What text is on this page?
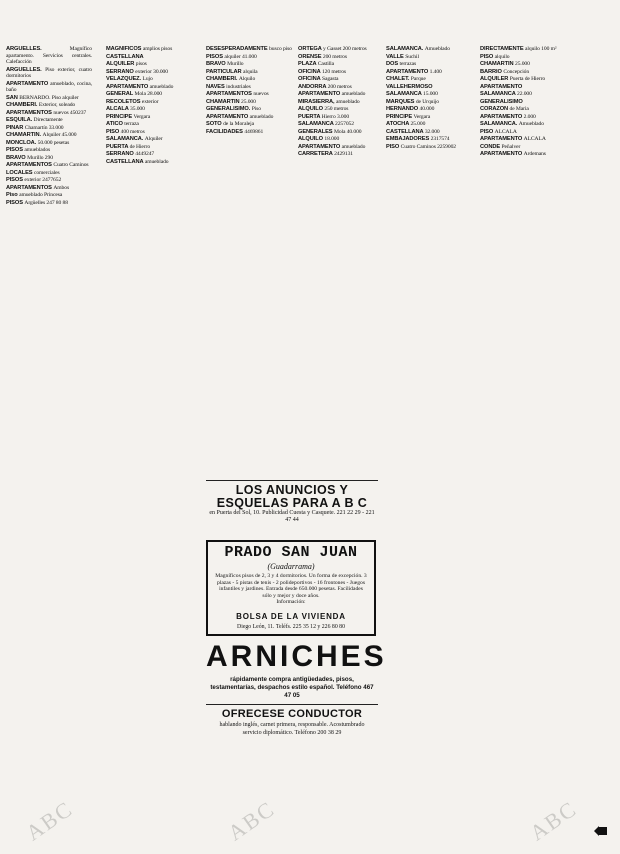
ARGUELLES. Magnífico apartamento. Servicios centrales. Calefacción

ARGUELLES. Piso exterior, cuatro dormitorios

APARTAMENTO amueblado, cocina, baño

SAN BERNARDO. Piso alquiler

CHAMBERI. Exterior, soleado

APARTAMENTOS nuevos 450237

ESQUILA. Directamente

PINAR Chamartín 33.000

CHAMARTIN. Alquiler 45.000

MONCLOA. 50.000 pesetas

PISOS amueblados

BRAVO Murillo 290

APARTAMENTOS Cuatro Caminos

LOCALES comerciales

PISOS exterior 2477652

APARTAMENTOS Ambos

Piso amueblado Princesa

PISOS Argüelles 247 80 88

MAGNIFICOS amplios pisos

CASTELLANA

ALQUILER pisos

SERRANO exterior 30.000

VELAZQUEZ. Lujo

APARTAMENTO amueblado

GENERAL Mola 28.000

RECOLETOS exterior

ALCALA 35.000

PRINCIPE Vergara

ATICO terraza

PISO 400 metros

SALAMANCA. Alquiler

PUERTA de Hierro

SERRANO 4449247

CASTELLANA amueblado

DESESPERADAMENTE busco piso

PISOS alquiler 41.000

BRAVO Murillo

PARTICULAR alquila

CHAMBERI. Alquilo

NAVES industriales

APARTAMENTOS nuevos

CHAMARTIN 25.000

GENERALISIMO. Piso

APARTAMENTO amueblado

SOTO de la Moraleja

FACILIDADES 4469861

ORTEGA y Gasset 200 metros

ORENSE 200 metros

PLAZA Castilla

OFICINA 120 metros

OFICINA Sagasta

ANDORRA 200 metros

APARTAMENTO amueblado

MIRASIERRA, amueblado

ALQUILO 250 metros

PUERTA Hierro 3.000

SALAMANCA 2257052

GENERALES Mola 40.000

ALQUILO 18.000

APARTAMENTO amueblado

CARRETERA 2429131

SALAMANCA. Amueblado

VALLE Suchil

DOS terrazas

APARTAMENTO 1.400

CHALET. Parque

VALLEHERMOSO

SALAMANCA 15.000

MARQUES de Urquijo

HERNANDO 40.000

PRINCIPE Vergara

ATOCHA 25.000

CASTELLANA 32.000

EMBAJADORES 2317574

PISO Cuatro Caminos 2259002

DIRECTAMENTE alquilo 100 m²

PISO alquilo

CHAMARTIN 25.000

BARRIO Concepción

ALQUILER Puerta de Hierro

APARTAMENTO

SALAMANCA 22.000

GENERALISIMO

CORAZON de Maria

APARTAMENTO 2.000

SALAMANCA. Amueblado

PISO ALCALA

APARTAMENTO ALCALA

CONDE Peñalver

APARTAMENTO Ardemans

LOS ANUNCIOS Y ESQUELAS PARA A B C
en Puerta del Sol, 10. Publicidad Cuesta y Casquete. 221 22 29 - 221 47 44
PRADO SAN JUAN
(Guadarrama)
Magníficos pisos de 2, 3 y 4 dormitorios. Un forma de excepción. 3 plazas - 5 pistas de tenis - 2 polideportivos - 16 frontones - Juegos infantiles y jardines. Entrada desde 650.000 pesetas. Facilidades sólo y mejor y doce años.
Información:
BOLSA DE LA VIVIENDA
Diego León, 11. Teléfs. 225 35 12 y 226 80 80
ARNICHES
rápidamente compra antigüedades, pisos, testamentarías, despachos estilo español. Teléfono 467 47 05
OFRECESE CONDUCTOR
hablando inglés, carnet primera, responsable. Acostumbrado servicio diplomático. Teléfono 200 38 29
ABC	ABC	ABC
